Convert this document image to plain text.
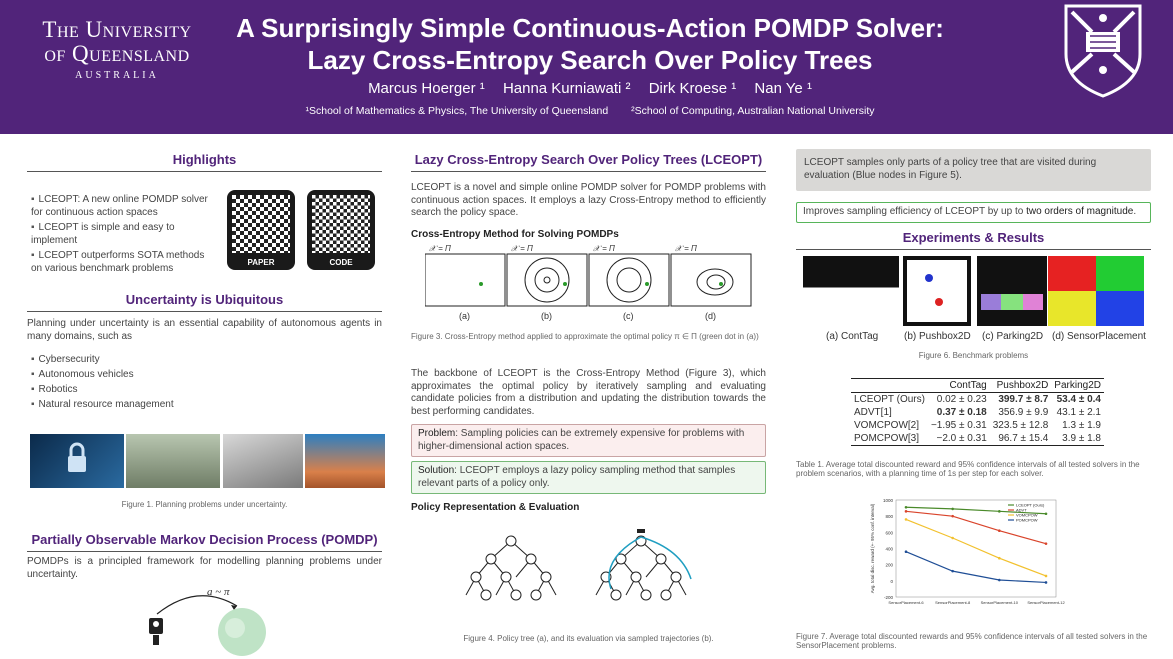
The University
of Queensland
AUSTRALIA
A Surprisingly Simple Continuous-Action POMDP Solver:
Lazy Cross-Entropy Search Over Policy Trees
Marcus Hoerger ¹ Hanna Kurniawati ² Dirk Kroese ¹ Nan Ye ¹
¹School of Mathematics & Physics, The University of Queensland ²School of Computing, Australian National University
Highlights
▪ LCEOPT: A new online POMDP solver for continuous action spaces
▪ LCEOPT is simple and easy to implement
▪ LCEOPT outperforms SOTA methods on various benchmark problems	PAPER	CODE
Uncertainty is Ubiquitous
Planning under uncertainty is an essential capability of autonomous agents in many domains, such as
▪ Cybersecurity
▪ Autonomous vehicles
▪ Robotics
▪ Natural resource management
Figure 1. Planning problems under uncertainty.
Partially Observable Markov Decision Process (POMDP)
POMDPs is a principled framework for modelling planning problems under uncertainty.
a ~ π
Lazy Cross-Entropy Search Over Policy Trees (LCEOPT)
LCEOPT is a novel and simple online POMDP solver for POMDP problems with continuous action spaces. It employs a lazy Cross-Entropy method to efficiently search the policy space.
Cross-Entropy Method for Solving POMDPs
𝒳 = Π	𝒳 = Π	𝒳 = Π	𝒳 = Π
(a)	(b)	(c)	(d)
Figure 3. Cross-Entropy method applied to approximate the optimal policy π ∈ Π (green dot in (a))
The backbone of LCEOPT is the Cross-Entropy Method (Figure 3), which approximates the optimal policy by iteratively sampling and evaluating candidate policies from a distribution and updating the distribution towards the best performing candidates.
Problem: Sampling policies can be extremely expensive for problems with higher-dimensional action spaces.
Solution: LCEOPT employs a lazy policy sampling method that samples relevant parts of a policy only.
Policy Representation & Evaluation
Figure 4. Policy tree (a), and its evaluation via sampled trajectories (b).
LCEOPT samples only parts of a policy tree that are visited during evaluation (Blue nodes in Figure 5).
Improves sampling efficiency of LCEOPT by up to two orders of magnitude.
Experiments & Results
(a) ContTag	(b) Pushbox2D (c) Parking2D (d) SensorPlacement
Figure 6. Benchmark problems
	ContTag	Pushbox2D	Parking2D
LCEOPT (Ours)	0.02 ± 0.23	399.7 ± 8.7	53.4 ± 0.4
ADVT[1]	0.37 ± 0.18	356.9 ± 9.9	43.1 ± 2.1
VOMCPOW[2]	−1.95 ± 0.31	323.5 ± 12.8	1.3 ± 1.9
POMCPOW[3]	−2.0 ± 0.31	96.7 ± 15.4	3.9 ± 1.8
Table 1. Average total discounted reward and 95% confidence intervals of all tested solvers in the problem scenarios, with a planning time of 1s per step for each solver.
1000
800
600
400
200
0
-200
SensorPlacement-6	SensorPlacement-8	SensorPlacement-10 SensorPlacement-12
Avg. total disc. reward (+- 95% conf. interval)	LCEOPT (Ours)
ADVT
VOMCPOW
POMCPOW
Figure 7. Average total discounted rewards and 95% confidence intervals of all tested solvers in the SensorPlacement problems.
